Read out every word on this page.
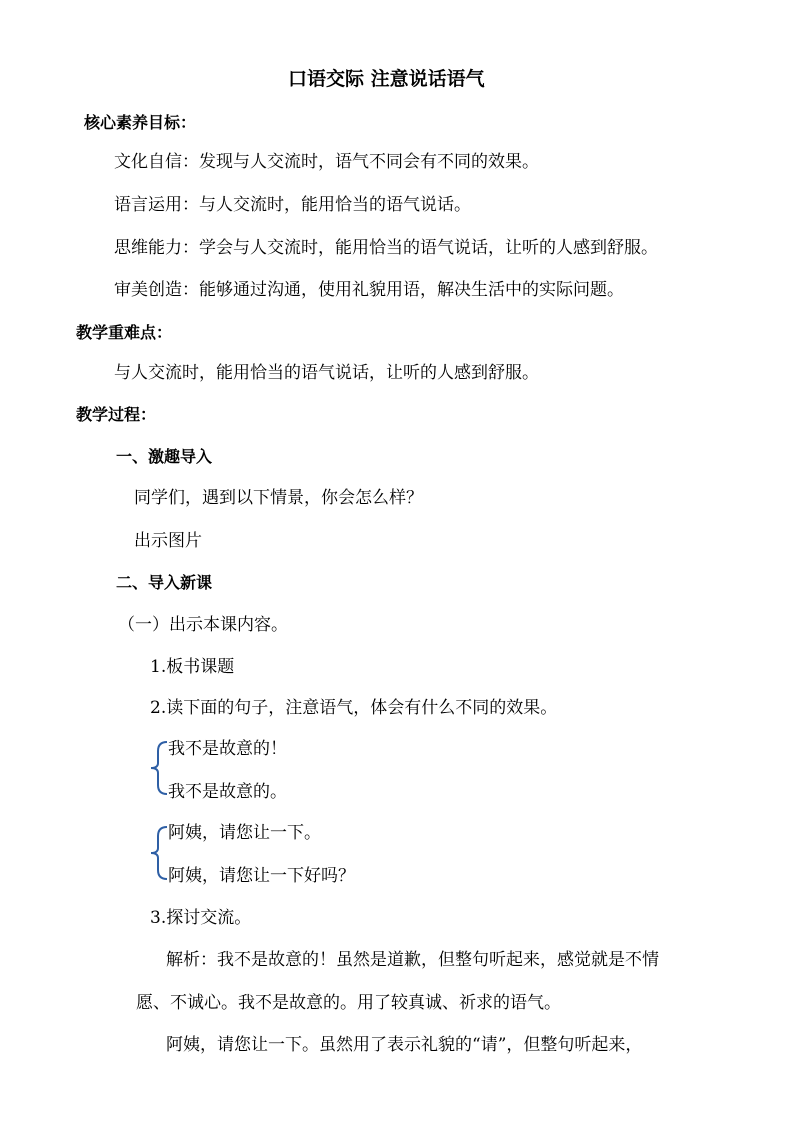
口语交际 注意说话语气
核心素养目标：
文化自信：发现与人交流时，语气不同会有不同的效果。
语言运用：与人交流时，能用恰当的语气说话。
思维能力：学会与人交流时，能用恰当的语气说话，让听的人感到舒服。
审美创造：能够通过沟通，使用礼貌用语，解决生活中的实际问题。
教学重难点：
与人交流时，能用恰当的语气说话，让听的人感到舒服。
教学过程：
一、激趣导入
同学们，遇到以下情景，你会怎么样？
出示图片
二、导入新课
（一）出示本课内容。
1.板书课题
2.读下面的句子，注意语气，体会有什么不同的效果。
我不是故意的！
我不是故意的。
阿姨，请您让一下。
阿姨，请您让一下好吗？
3.探讨交流。
解析：我不是故意的！虽然是道歉，但整句听起来，感觉就是不情
愿、不诚心。我不是故意的。用了较真诚、祈求的语气。
阿姨，请您让一下。虽然用了表示礼貌的“请”，但整句听起来，
